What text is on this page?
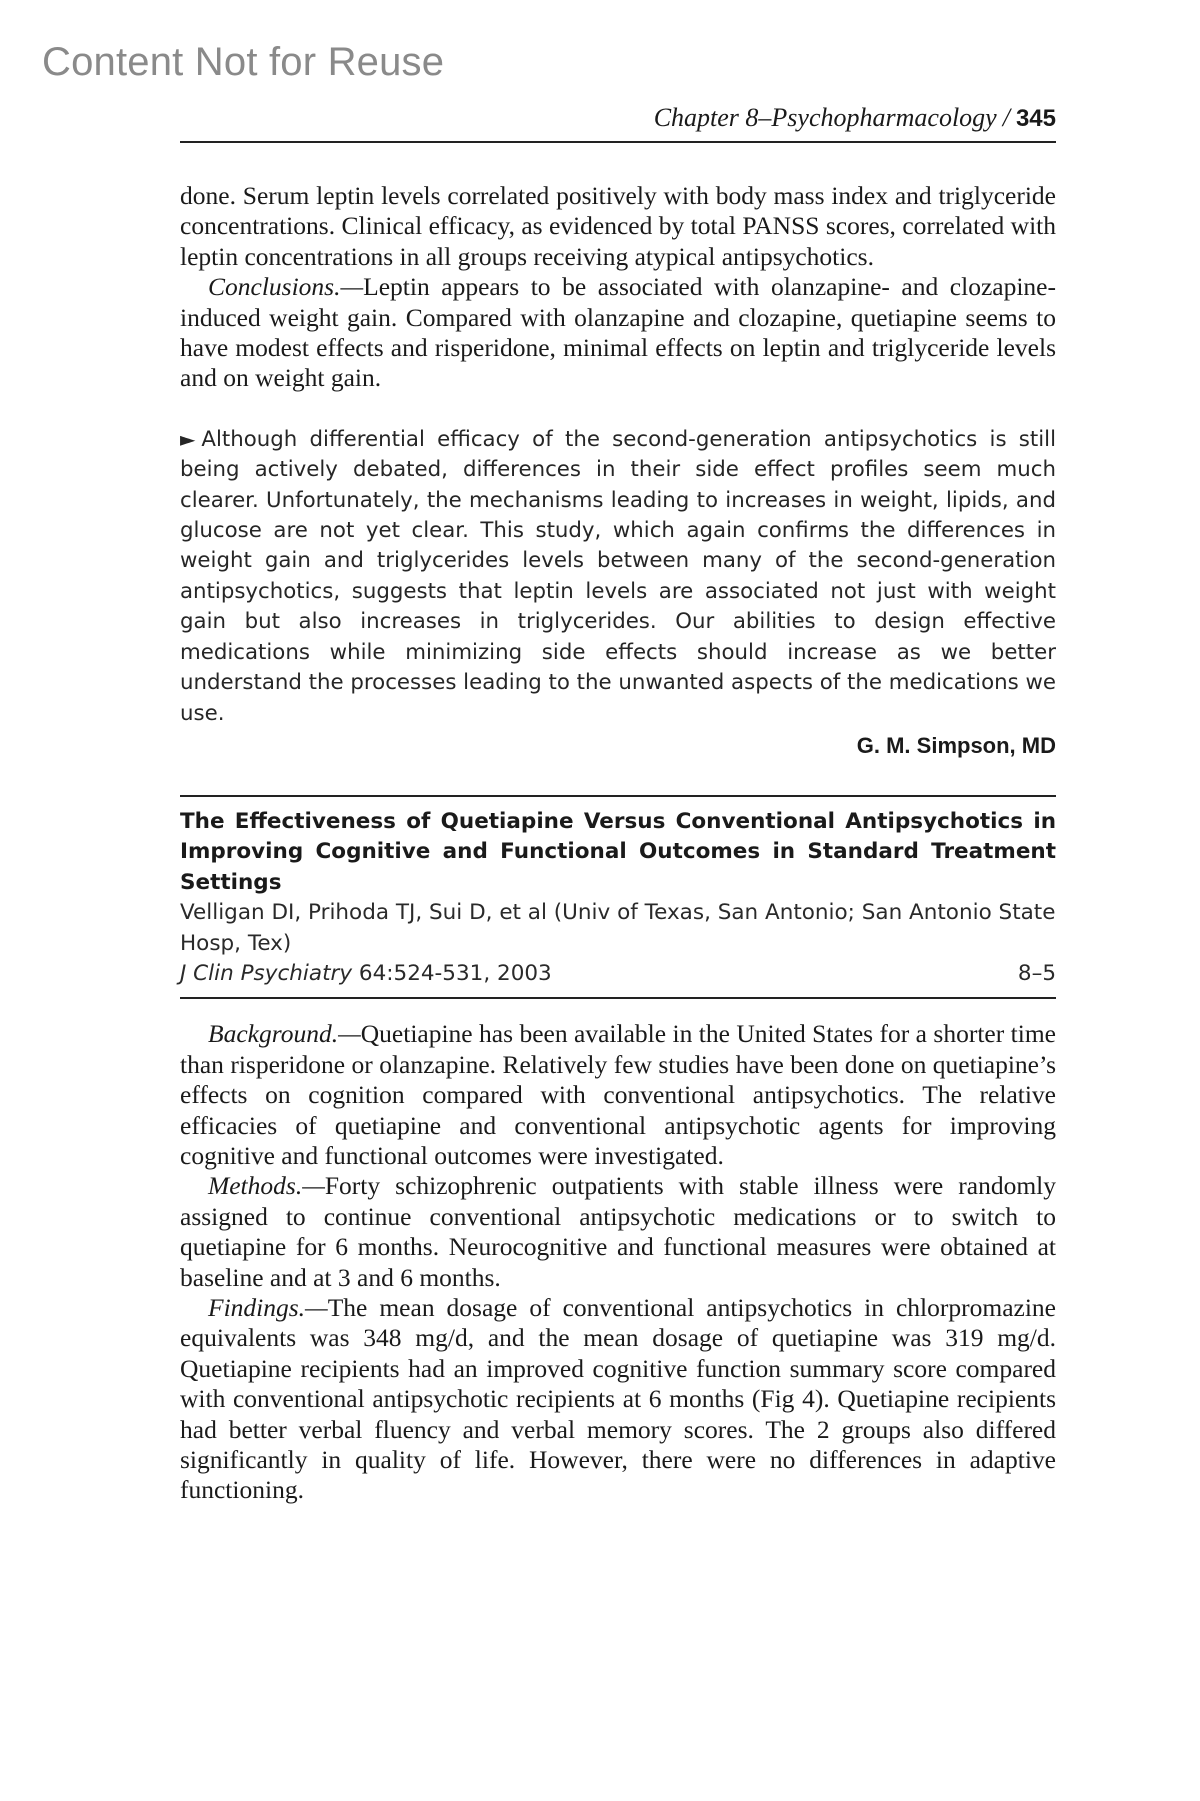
Content Not for Reuse
Chapter 8–Psychopharmacology / 345

done. Serum leptin levels correlated positively with body mass index and triglyceride concentrations. Clinical efficacy, as evidenced by total PANSS scores, correlated with leptin concentrations in all groups receiving atypical antipsychotics.

Conclusions.—Leptin appears to be associated with olanzapine- and clozapine-induced weight gain. Compared with olanzapine and clozapine, quetiapine seems to have modest effects and risperidone, minimal effects on leptin and triglyceride levels and on weight gain.

► Although differential efficacy of the second-generation antipsychotics is still being actively debated, differences in their side effect profiles seem much clearer. Unfortunately, the mechanisms leading to increases in weight, lipids, and glucose are not yet clear. This study, which again confirms the differences in weight gain and triglycerides levels between many of the second-generation antipsychotics, suggests that leptin levels are associated not just with weight gain but also increases in triglycerides. Our abilities to design effective medications while minimizing side effects should increase as we better understand the processes leading to the unwanted aspects of the medications we use.
G. M. Simpson, MD
The Effectiveness of Quetiapine Versus Conventional Antipsychotics in Improving Cognitive and Functional Outcomes in Standard Treatment Settings
Velligan DI, Prihoda TJ, Sui D, et al (Univ of Texas, San Antonio; San Antonio State Hosp, Tex)
J Clin Psychiatry 64:524-531, 2003	8–5

Background.—Quetiapine has been available in the United States for a shorter time than risperidone or olanzapine. Relatively few studies have been done on quetiapine’s effects on cognition compared with conventional antipsychotics. The relative efficacies of quetiapine and conventional antipsychotic agents for improving cognitive and functional outcomes were investigated.

Methods.—Forty schizophrenic outpatients with stable illness were randomly assigned to continue conventional antipsychotic medications or to switch to quetiapine for 6 months. Neurocognitive and functional measures were obtained at baseline and at 3 and 6 months.

Findings.—The mean dosage of conventional antipsychotics in chlorpromazine equivalents was 348 mg/d, and the mean dosage of quetiapine was 319 mg/d. Quetiapine recipients had an improved cognitive function summary score compared with conventional antipsychotic recipients at 6 months (Fig 4). Quetiapine recipients had better verbal fluency and verbal memory scores. The 2 groups also differed significantly in quality of life. However, there were no differences in adaptive functioning.
